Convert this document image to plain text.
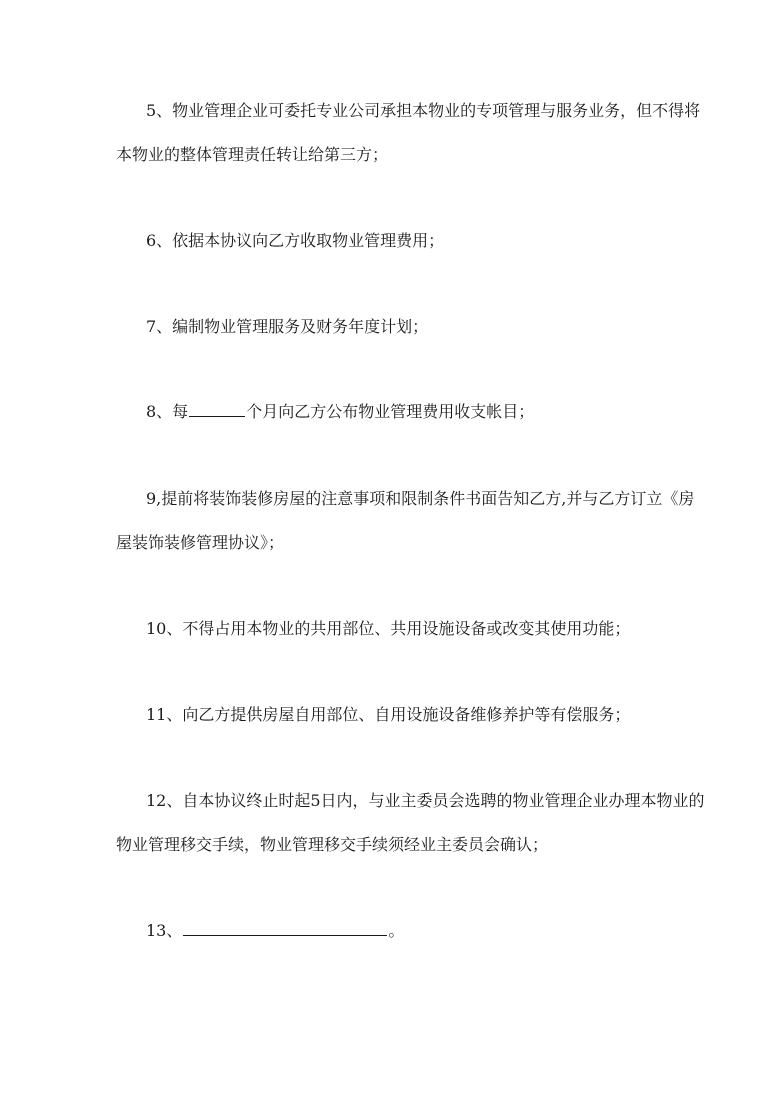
5、物业管理企业可委托专业公司承担本物业的专项管理与服务业务，但不得将
本物业的整体管理责任转让给第三方；
6、依据本协议向乙方收取物业管理费用；
7、编制物业管理服务及财务年度计划；
8、每	个月向乙方公布物业管理费用收支帐目；
9,提前将装饰装修房屋的注意事项和限制条件书面告知乙方,并与乙方订立《房
屋装饰装修管理协议》；
10、不得占用本物业的共用部位、共用设施设备或改变其使用功能；
11、向乙方提供房屋自用部位、自用设施设备维修养护等有偿服务；
12、自本协议终止时起5日内，与业主委员会选聘的物业管理企业办理本物业的
物业管理移交手续，物业管理移交手续须经业主委员会确认；
13、	。
